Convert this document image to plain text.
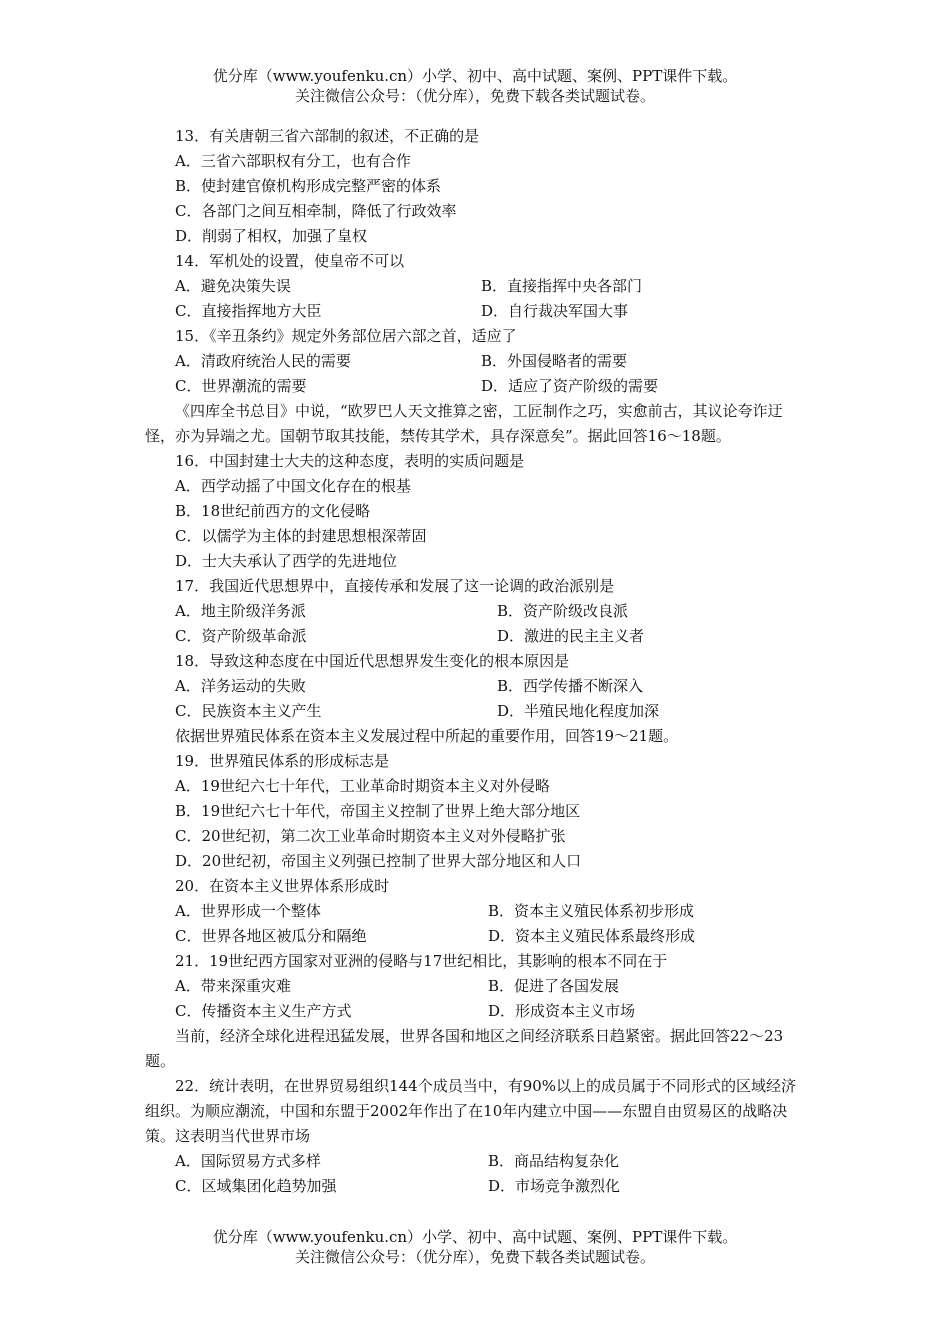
优分库（www.youfenku.cn）小学、初中、高中试题、案例、PPT课件下载。
关注微信公众号：（优分库），免费下载各类试题试卷。
13．有关唐朝三省六部制的叙述，不正确的是
A．三省六部职权有分工，也有合作
B．使封建官僚机构形成完整严密的体系
C．各部门之间互相牵制，降低了行政效率
D．削弱了相权，加强了皇权
14．军机处的设置，使皇帝不可以
A．避免决策失误	B．直接指挥中央各部门
C．直接指挥地方大臣	D．自行裁决军国大事
15．《辛丑条约》规定外务部位居六部之首，适应了
A．清政府统治人民的需要	B．外国侵略者的需要
C．世界潮流的需要	D．适应了资产阶级的需要
《四库全书总目》中说，“欧罗巴人天文推算之密，工匠制作之巧，实愈前古，其议论夸诈迂怪，亦为异端之尤。国朝节取其技能，禁传其学术，具存深意矣”。据此回答16～18题。
16．中国封建士大夫的这种态度，表明的实质问题是
A．西学动摇了中国文化存在的根基
B．18世纪前西方的文化侵略
C．以儒学为主体的封建思想根深蒂固
D．士大夫承认了西学的先进地位
17．我国近代思想界中，直接传承和发展了这一论调的政治派别是
A．地主阶级洋务派	B．资产阶级改良派
C．资产阶级革命派	D．激进的民主主义者
18．导致这种态度在中国近代思想界发生变化的根本原因是
A．洋务运动的失败	B．西学传播不断深入
C．民族资本主义产生	D．半殖民地化程度加深
依据世界殖民体系在资本主义发展过程中所起的重要作用，回答19～21题。
19．世界殖民体系的形成标志是
A．19世纪六七十年代，工业革命时期资本主义对外侵略
B．19世纪六七十年代，帝国主义控制了世界上绝大部分地区
C．20世纪初，第二次工业革命时期资本主义对外侵略扩张
D．20世纪初，帝国主义列强已控制了世界大部分地区和人口
20．在资本主义世界体系形成时
A．世界形成一个整体	B．资本主义殖民体系初步形成
C．世界各地区被瓜分和隔绝	D．资本主义殖民体系最终形成
21．19世纪西方国家对亚洲的侵略与17世纪相比，其影响的根本不同在于
A．带来深重灾难	B．促进了各国发展
C．传播资本主义生产方式	D．形成资本主义市场
当前，经济全球化进程迅猛发展，世界各国和地区之间经济联系日趋紧密。据此回答22～23题。
22．统计表明，在世界贸易组织144个成员当中，有90%以上的成员属于不同形式的区域经济组织。为顺应潮流，中国和东盟于2002年作出了在10年内建立中国——东盟自由贸易区的战略决策。这表明当代世界市场
A．国际贸易方式多样	B．商品结构复杂化
C．区域集团化趋势加强	D．市场竞争激烈化
优分库（www.youfenku.cn）小学、初中、高中试题、案例、PPT课件下载。
关注微信公众号：（优分库），免费下载各类试题试卷。
